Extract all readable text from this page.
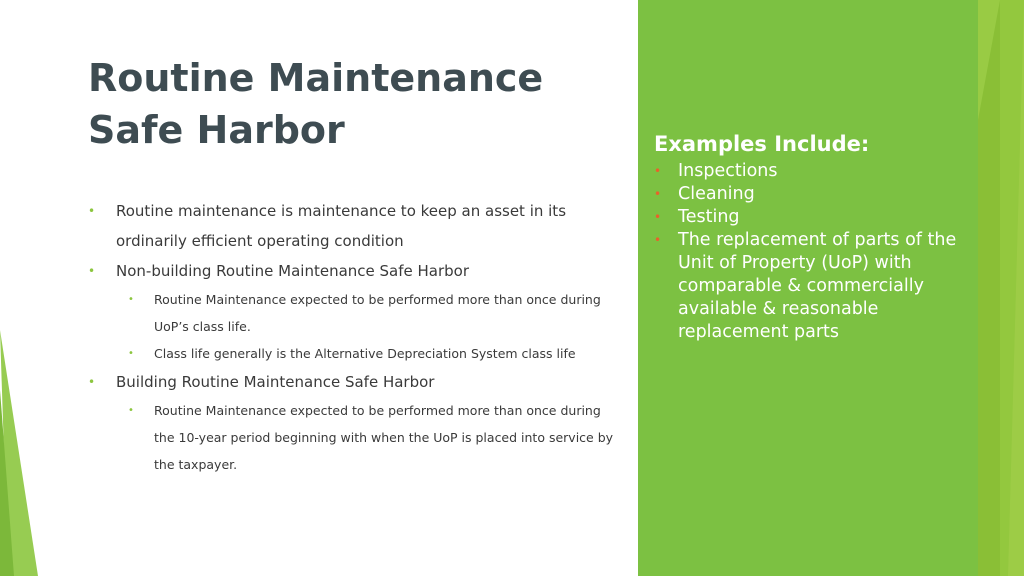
Routine Maintenance Safe Harbor
• Routine maintenance is maintenance to keep an asset in its ordinarily efficient operating condition
• Non-building Routine Maintenance Safe Harbor
• Routine Maintenance expected to be performed more than once during UoP’s class life.
• Class life generally is the Alternative Depreciation System class life
• Building Routine Maintenance Safe Harbor
• Routine Maintenance expected to be performed more than once during the 10-year period beginning with when the UoP is placed into service by the taxpayer.
Examples Include:
• Inspections
• Cleaning
• Testing
• The replacement of parts of the Unit of Property (UoP) with comparable & commercially available & reasonable replacement parts
